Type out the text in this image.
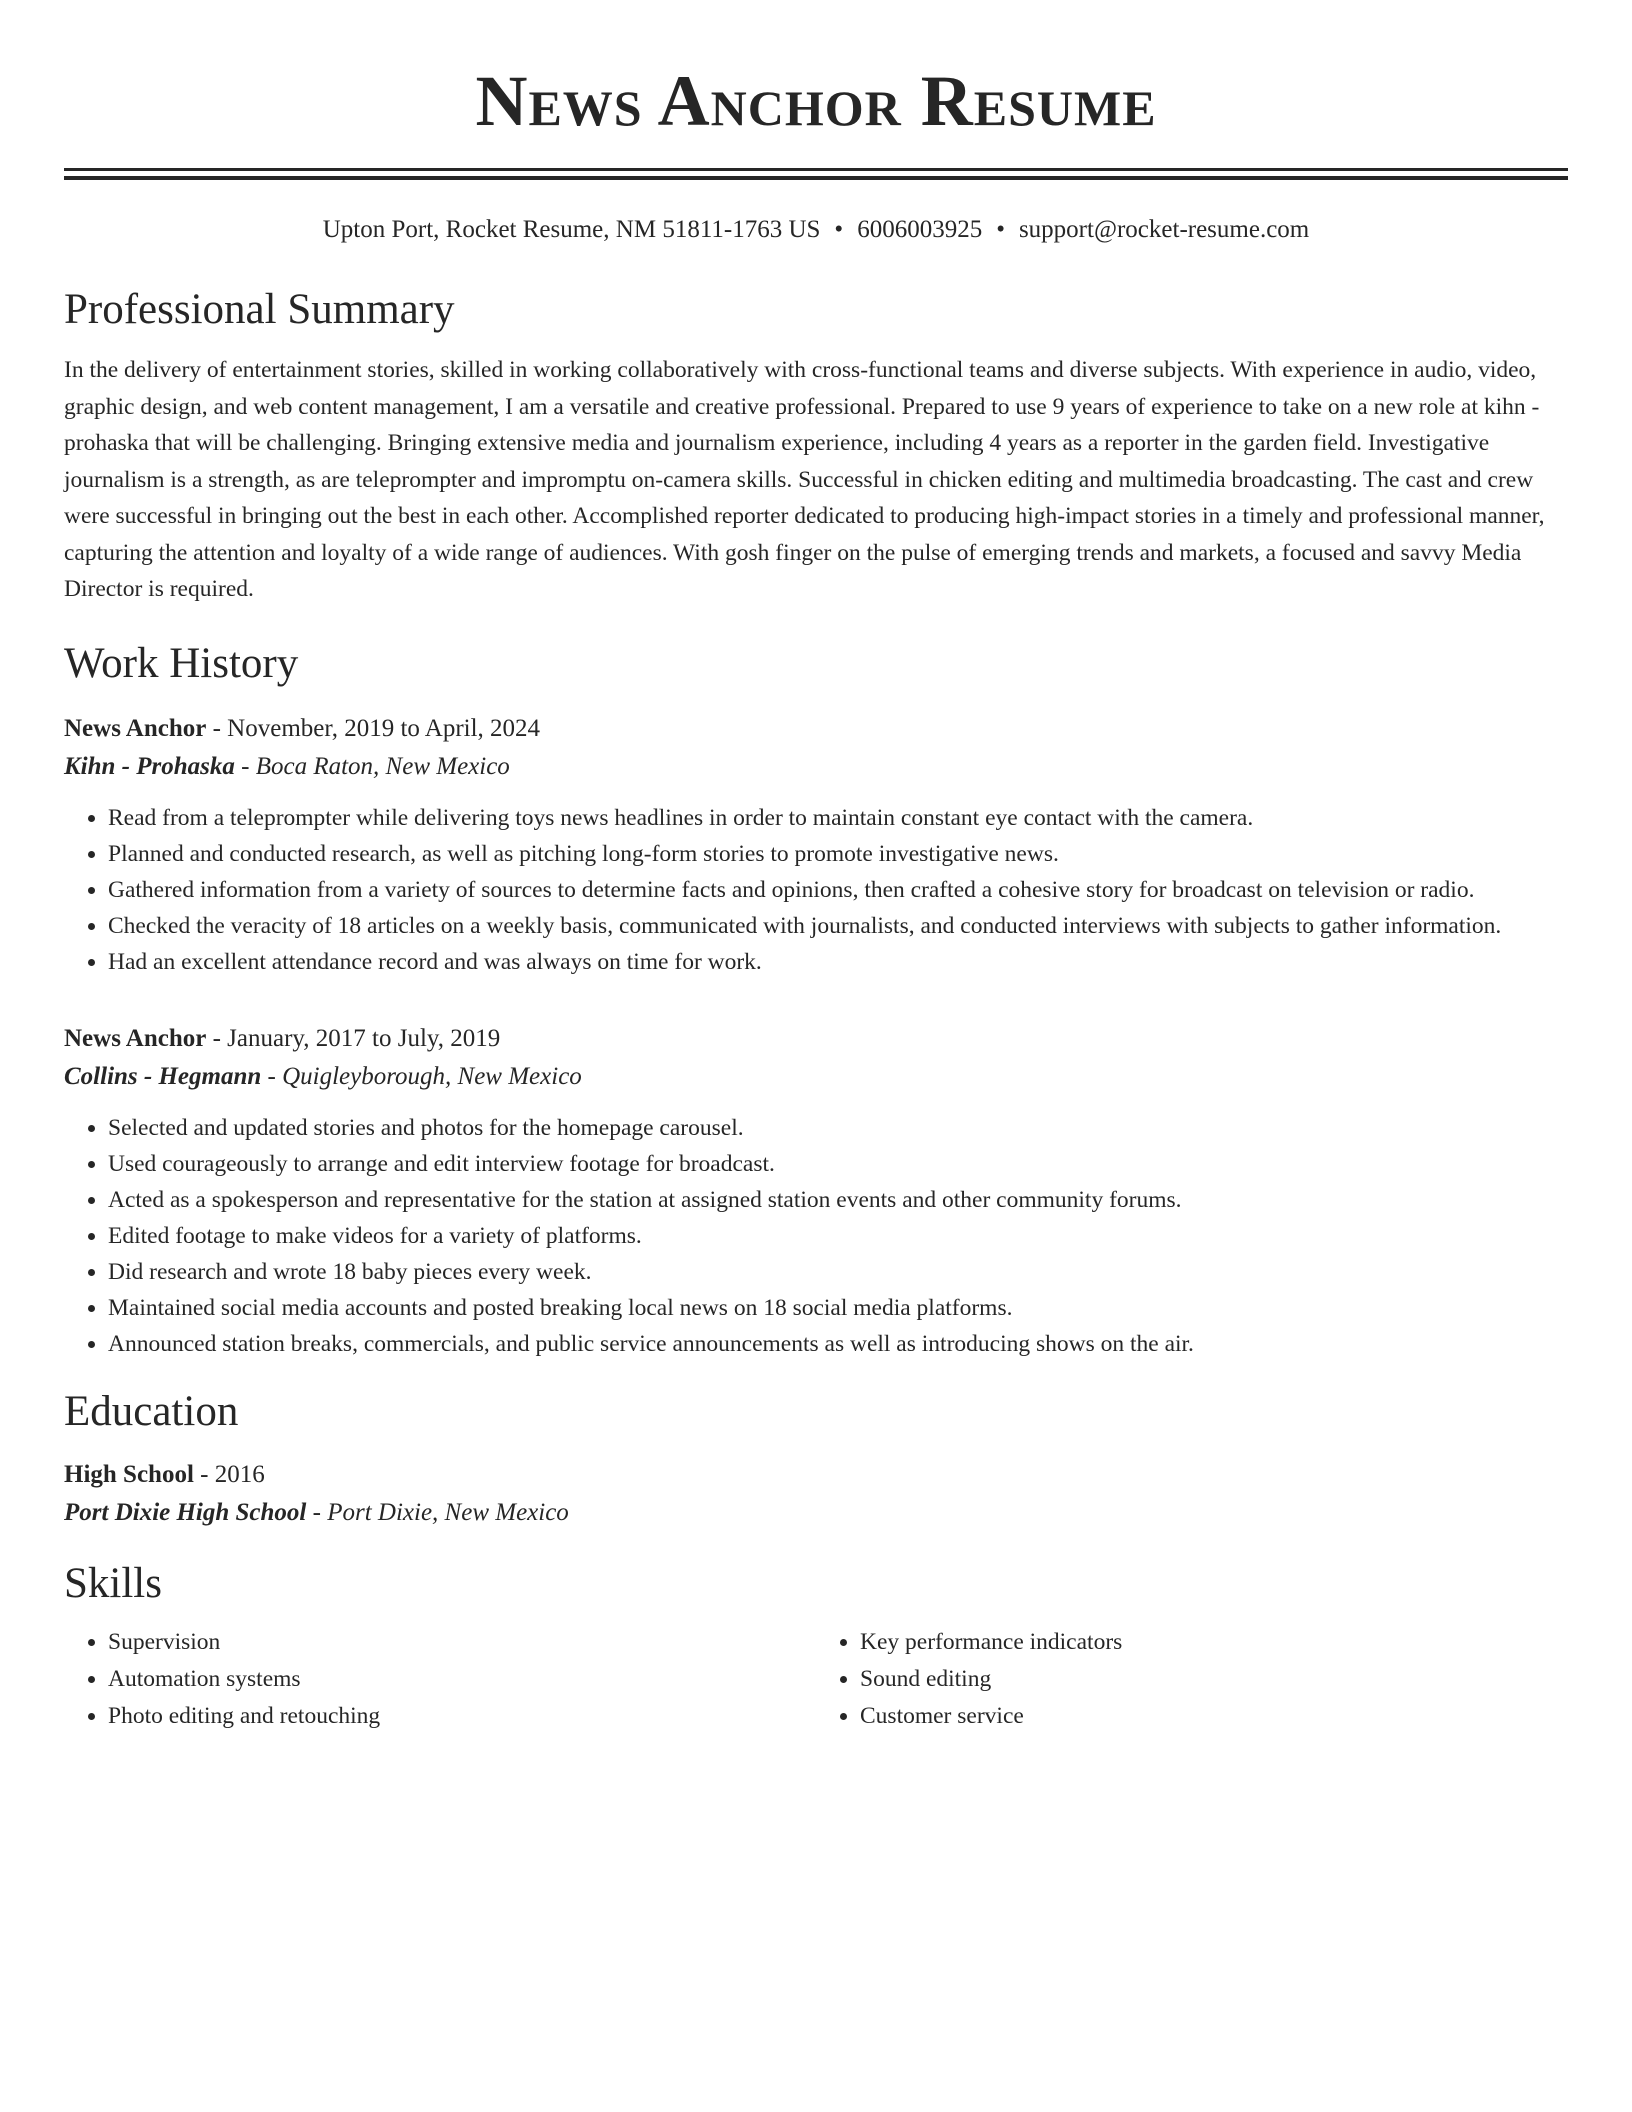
News Anchor Resume
Upton Port, Rocket Resume, NM 51811-1763 US • 6006003925 • support@rocket-resume.com
Professional Summary

In the delivery of entertainment stories, skilled in working collaboratively with cross-functional teams and diverse subjects. With experience in audio, video, graphic design, and web content management, I am a versatile and creative professional. Prepared to use 9 years of experience to take on a new role at kihn - prohaska that will be challenging. Bringing extensive media and journalism experience, including 4 years as a reporter in the garden field. Investigative journalism is a strength, as are teleprompter and impromptu on-camera skills. Successful in chicken editing and multimedia broadcasting. The cast and crew were successful in bringing out the best in each other. Accomplished reporter dedicated to producing high-impact stories in a timely and professional manner, capturing the attention and loyalty of a wide range of audiences. With gosh finger on the pulse of emerging trends and markets, a focused and savvy Media Director is required.

Work History
News Anchor - November, 2019 to April, 2024
Kihn - Prohaska - Boca Raton, New Mexico
• Read from a teleprompter while delivering toys news headlines in order to maintain constant eye contact with the camera.
• Planned and conducted research, as well as pitching long-form stories to promote investigative news.
• Gathered information from a variety of sources to determine facts and opinions, then crafted a cohesive story for broadcast on television or radio.
• Checked the veracity of 18 articles on a weekly basis, communicated with journalists, and conducted interviews with subjects to gather information.
• Had an excellent attendance record and was always on time for work.
News Anchor - January, 2017 to July, 2019
Collins - Hegmann - Quigleyborough, New Mexico
• Selected and updated stories and photos for the homepage carousel.
• Used courageously to arrange and edit interview footage for broadcast.
• Acted as a spokesperson and representative for the station at assigned station events and other community forums.
• Edited footage to make videos for a variety of platforms.
• Did research and wrote 18 baby pieces every week.
• Maintained social media accounts and posted breaking local news on 18 social media platforms.
• Announced station breaks, commercials, and public service announcements as well as introducing shows on the air.
Education
High School - 2016
Port Dixie High School - Port Dixie, New Mexico
Skills
• Supervision
• Automation systems
• Photo editing and retouching
• Key performance indicators
• Sound editing
• Customer service
